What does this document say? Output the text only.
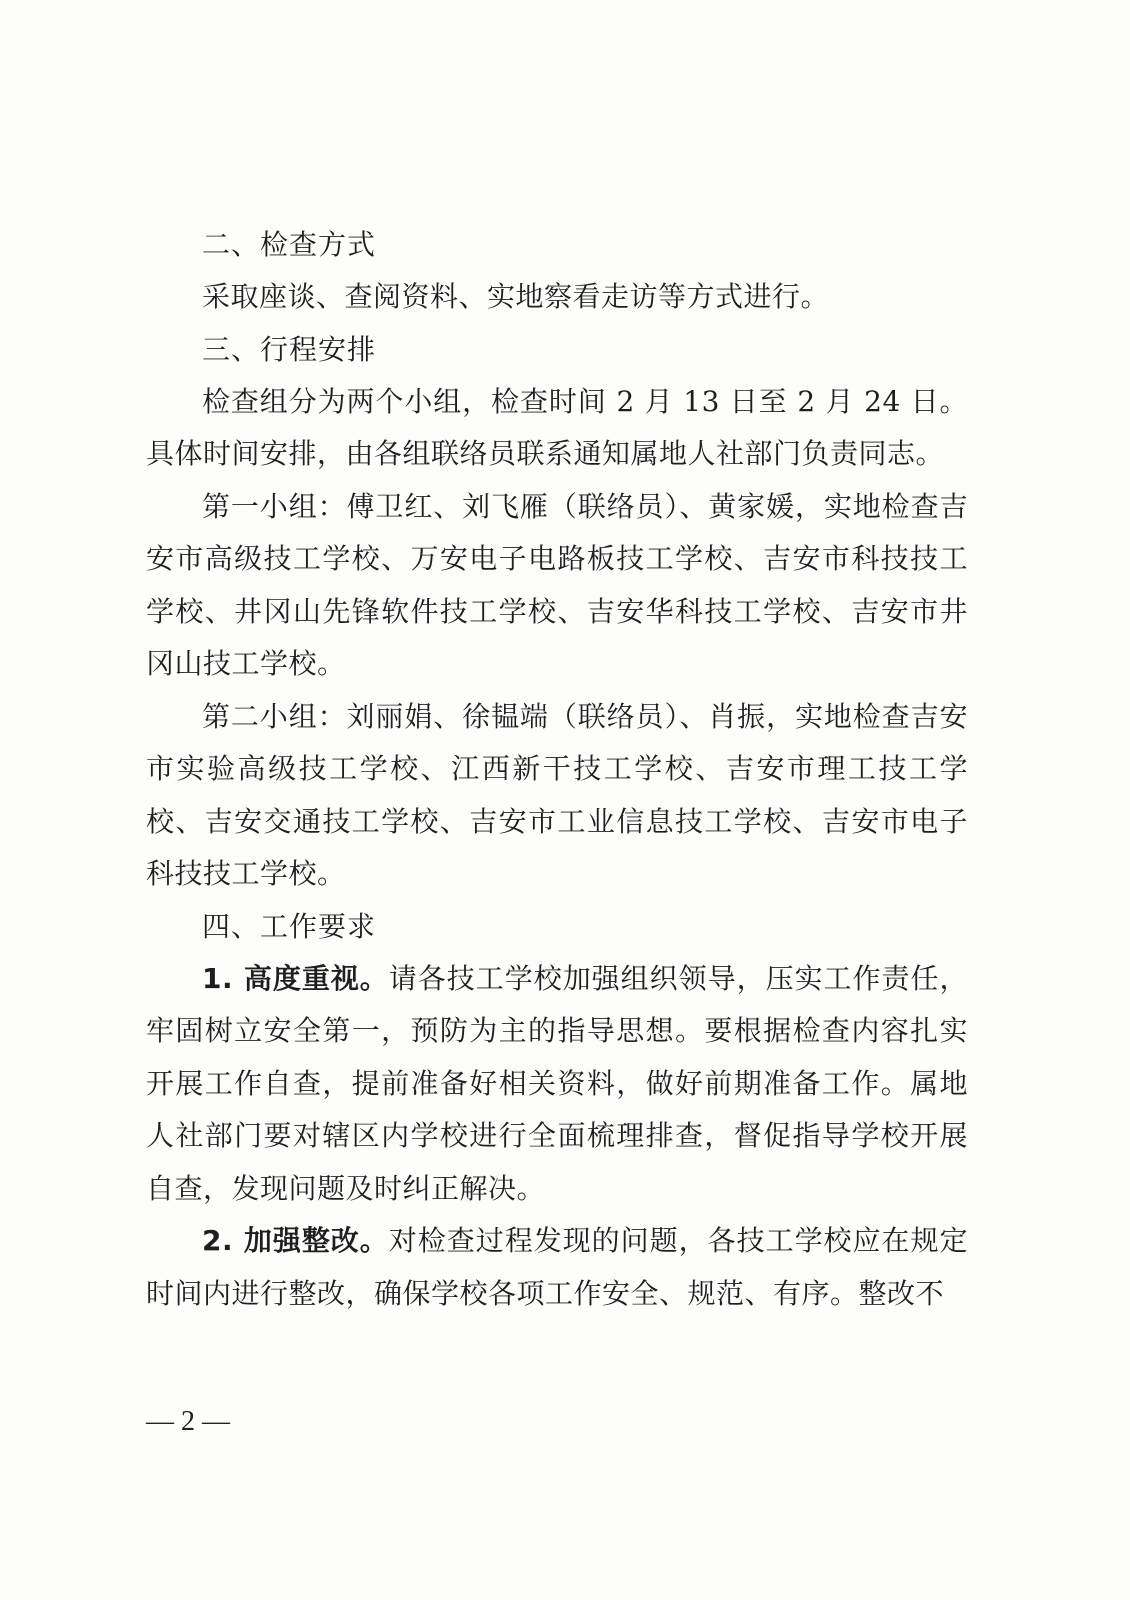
二、检查方式

采取座谈、查阅资料、实地察看走访等方式进行。

三、行程安排

检查组分为两个小组，检查时间 2 月 13 日至 2 月 24 日。具体时间安排，由各组联络员联系通知属地人社部门负责同志。

第一小组：傅卫红、刘飞雁（联络员）、黄家媛，实地检查吉安市高级技工学校、万安电子电路板技工学校、吉安市科技技工学校、井冈山先锋软件技工学校、吉安华科技工学校、吉安市井冈山技工学校。

第二小组：刘丽娟、徐韫端（联络员）、肖振，实地检查吉安市实验高级技工学校、江西新干技工学校、吉安市理工技工学校、吉安交通技工学校、吉安市工业信息技工学校、吉安市电子科技技工学校。

四、工作要求

1. 高度重视。请各技工学校加强组织领导，压实工作责任，牢固树立安全第一，预防为主的指导思想。要根据检查内容扎实开展工作自查，提前准备好相关资料，做好前期准备工作。属地人社部门要对辖区内学校进行全面梳理排查，督促指导学校开展自查，发现问题及时纠正解决。

2. 加强整改。对检查过程发现的问题，各技工学校应在规定时间内进行整改，确保学校各项工作安全、规范、有序。整改不

— 2 —
